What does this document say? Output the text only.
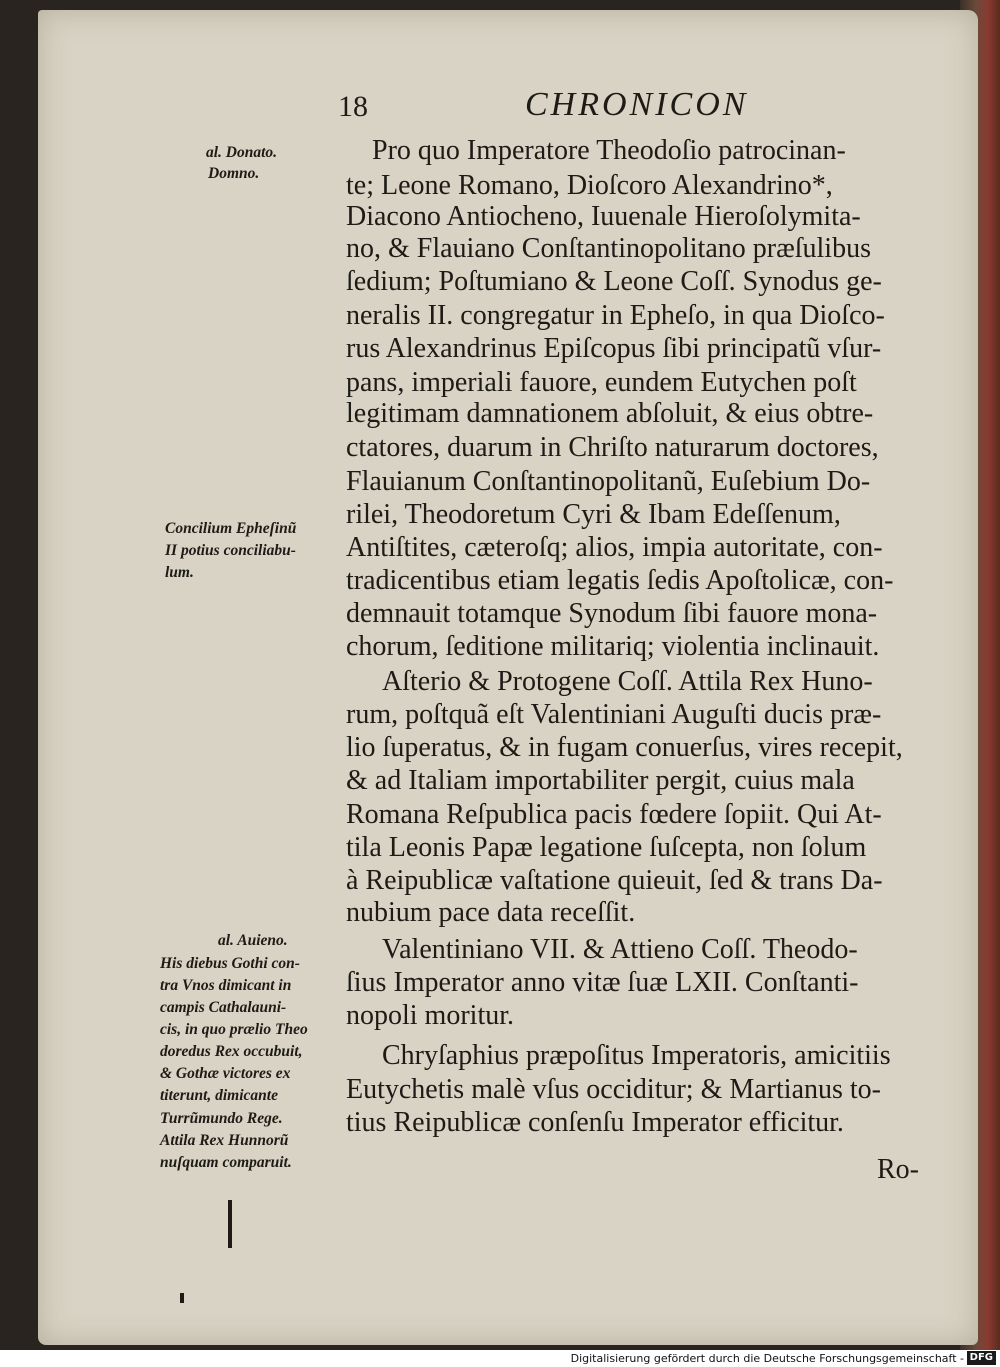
18	CHRONICON
Pro quo Imperatore Theodoſio patrocinan-
te; Leone Romano, Dioſcoro Alexandrino*,
Diacono Antiocheno, Iuuenale Hieroſolymita-
no, & Flauiano Conſtantinopolitano præſulibus
ſedium; Poſtumiano & Leone Coſſ. Synodus ge-
neralis II. congregatur in Epheſo, in qua Dioſco-
rus Alexandrinus Epiſcopus ſibi principatũ vſur-
pans, imperiali fauore, eundem Eutychen poſt
legitimam damnationem abſoluit, & eius obtre-
ctatores, duarum in Chriſto naturarum doctores,
Flauianum Conſtantinopolitanũ, Euſebium Do-
rilei, Theodoretum Cyri & Ibam Edeſſenum,
Antiſtites, cæteroſq; alios, impia autoritate, con-
tradicentibus etiam legatis ſedis Apoſtolicæ, con-
demnauit totamque Synodum ſibi fauore mona-
chorum, ſeditione militariq; violentia inclinauit.
Aſterio & Protogene Coſſ. Attila Rex Huno-
rum, poſtquã eſt Valentiniani Auguſti ducis præ-
lio ſuperatus, & in fugam conuerſus, vires recepit,
& ad Italiam importabiliter pergit, cuius mala
Romana Reſpublica pacis fœdere ſopiit. Qui At-
tila Leonis Papæ legatione ſuſcepta, non ſolum
à Reipublicæ vaſtatione quieuit, ſed & trans Da-
nubium pace data receſſit.
Valentiniano VII. & Attieno Coſſ. Theodo-
ſius Imperator anno vitæ ſuæ LXII. Conſtanti-
nopoli moritur.
Chryſaphius præpoſitus Imperatoris, amicitiis
Eutychetis malè vſus occiditur; & Martianus to-
tius Reipublicæ conſenſu Imperator efficitur.
Ro-
al. Donato.
Domno.
Concilium Epheſinũ
II potius conciliabu-
lum.
al. Auieno.
His diebus Gothi con-
tra Vnos dimicant in
campis Cathalauni-
cis, in quo prælio Theo
doredus Rex occubuit,
& Gothæ victores ex
titerunt, dimicante
Turrũmundo Rege.
Attila Rex Hunnorũ
nuſquam comparuit.
Digitalisierung gefördert durch die Deutsche Forschungsgemeinschaft - DFG
